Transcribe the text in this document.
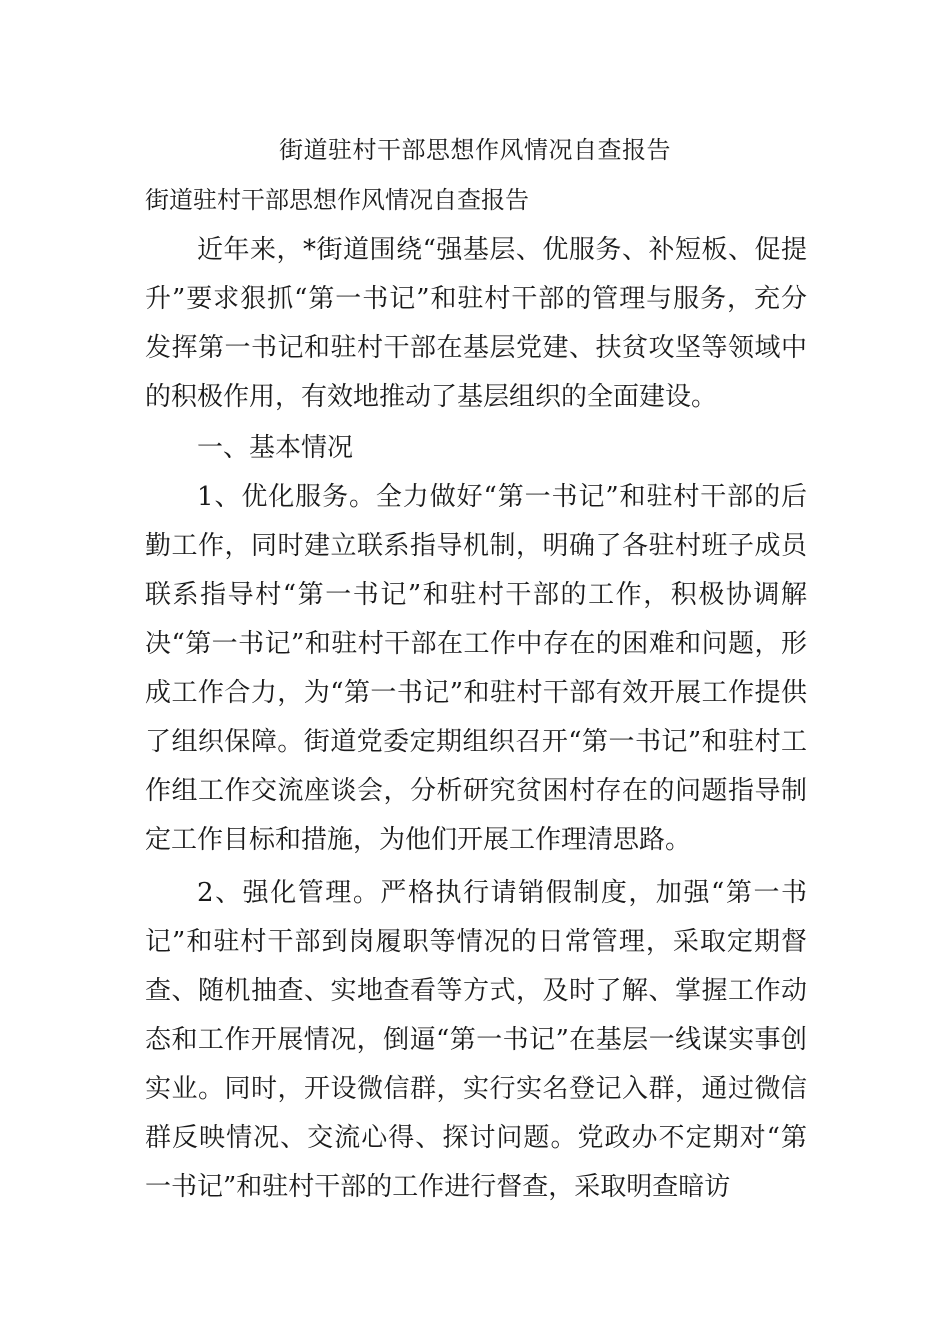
街道驻村干部思想作风情况自查报告
街道驻村干部思想作风情况自查报告

近年来，*街道围绕“强基层、优服务、补短板、促提升”要求狠抓“第一书记”和驻村干部的管理与服务，充分发挥第一书记和驻村干部在基层党建、扶贫攻坚等领域中的积极作用，有效地推动了基层组织的全面建设。

一、基本情况

1、优化服务。全力做好“第一书记”和驻村干部的后勤工作，同时建立联系指导机制，明确了各驻村班子成员联系指导村“第一书记”和驻村干部的工作，积极协调解决“第一书记”和驻村干部在工作中存在的困难和问题，形成工作合力，为“第一书记”和驻村干部有效开展工作提供了组织保障。街道党委定期组织召开“第一书记”和驻村工作组工作交流座谈会，分析研究贫困村存在的问题指导制定工作目标和措施，为他们开展工作理清思路。

2、强化管理。严格执行请销假制度，加强“第一书记”和驻村干部到岗履职等情况的日常管理，采取定期督查、随机抽查、实地查看等方式，及时了解、掌握工作动态和工作开展情况，倒逼“第一书记”在基层一线谋实事创实业。同时，开设微信群，实行实名登记入群，通过微信群反映情况、交流心得、探讨问题。党政办不定期对“第一书记”和驻村干部的工作进行督查，采取明查暗访
